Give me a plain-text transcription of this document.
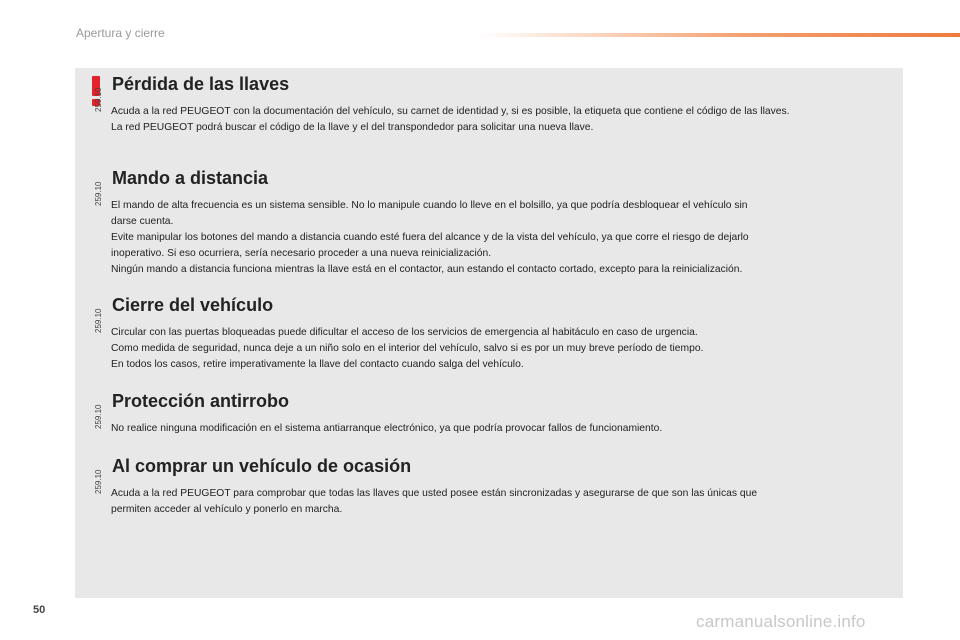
Apertura y cierre
259.10
Pérdida de las llaves

Acuda a la red PEUGEOT con la documentación del vehículo, su carnet de identidad y, si es posible, la etiqueta que contiene el código de las llaves.

La red PEUGEOT podrá buscar el código de la llave y el del transpondedor para solicitar una nueva llave.

259.10
Mando a distancia

El mando de alta frecuencia es un sistema sensible. No lo manipule cuando lo lleve en el bolsillo, ya que podría desbloquear el vehículo sin

darse cuenta.

Evite manipular los botones del mando a distancia cuando esté fuera del alcance y de la vista del vehículo, ya que corre el riesgo de dejarlo

inoperativo. Si eso ocurriera, sería necesario proceder a una nueva reinicialización.

Ningún mando a distancia funciona mientras la llave está en el contactor, aun estando el contacto cortado, excepto para la reinicialización.

259.10
Cierre del vehículo

Circular con las puertas bloqueadas puede dificultar el acceso de los servicios de emergencia al habitáculo en caso de urgencia.

Como medida de seguridad, nunca deje a un niño solo en el interior del vehículo, salvo si es por un muy breve período de tiempo.

En todos los casos, retire imperativamente la llave del contacto cuando salga del vehículo.

259.10
Protección antirrobo

No realice ninguna modificación en el sistema antiarranque electrónico, ya que podría provocar fallos de funcionamiento.

259.10
Al comprar un vehículo de ocasión

Acuda a la red PEUGEOT para comprobar que todas las llaves que usted posee están sincronizadas y asegurarse de que son las únicas que

permiten acceder al vehículo y ponerlo en marcha.

50
carmanualsonline.info
